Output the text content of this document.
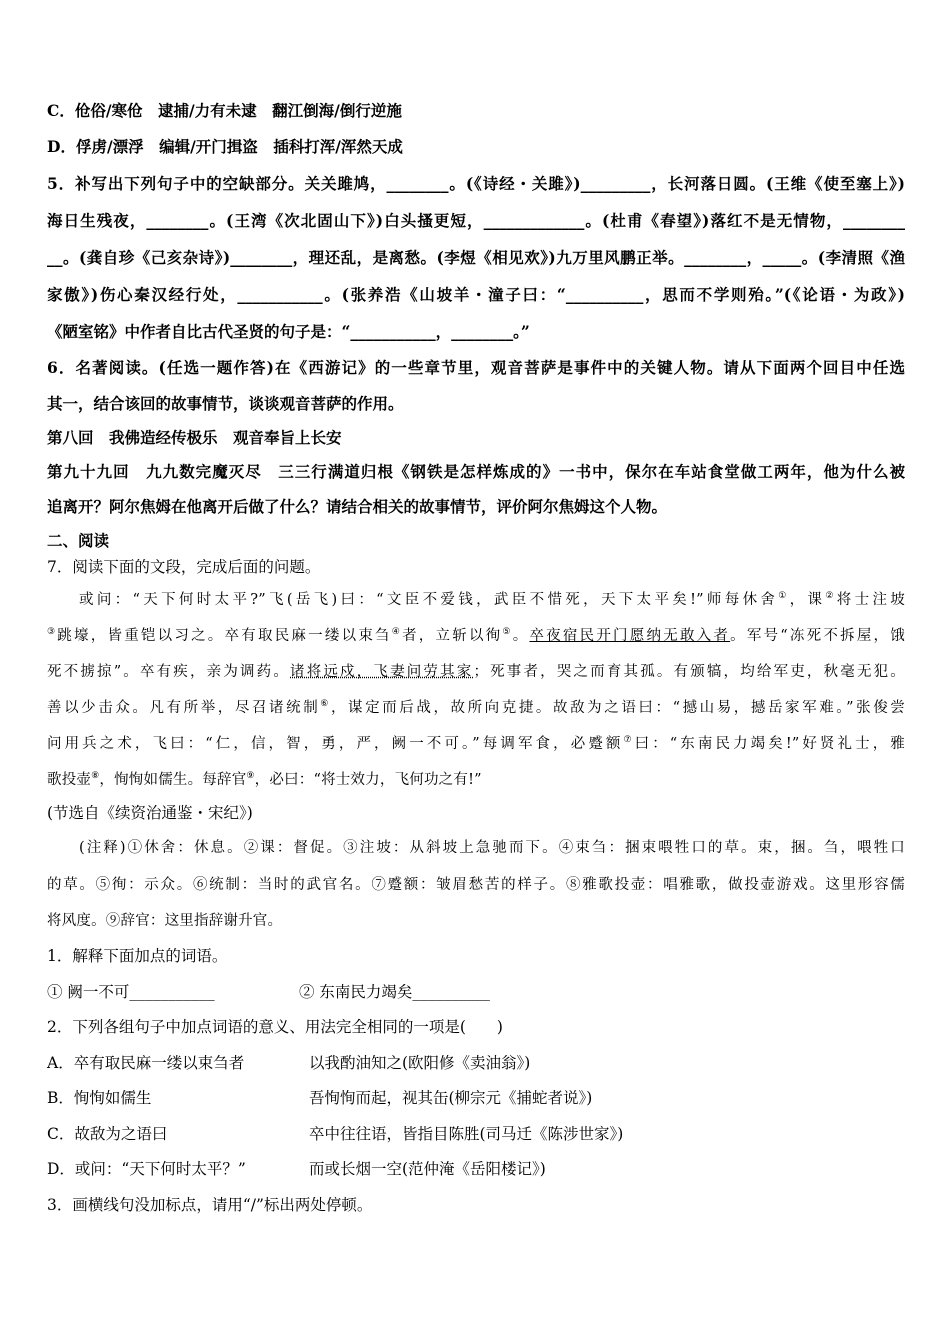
C．伧俗/寒伧　逮捕/力有未逮　翻江倒海/倒行逆施
D．俘虏/漂浮　编辑/开门揖盗　插科打浑/浑然天成
5．补写出下列句子中的空缺部分。关关雎鸠，________。(《诗经・关雎》)_________，长河落日圆。(王维《使至塞上》)
海日生残夜，________。(王湾《次北固山下》)白头搔更短，_____________。(杜甫《春望》)落红不是无情物，________
__。(龚自珍《己亥杂诗》)________，理还乱，是离愁。(李煜《相见欢》)九万里风鹏正举。________，_____。(李清照《渔
家傲》)伤心秦汉经行处，___________。(张养浩《山坡羊・潼子曰：“__________，思而不学则殆。”(《论语・为政》)
《陋室铭》中作者自比古代圣贤的句子是：“___________，________。”
6．名著阅读。(任选一题作答)在《西游记》的一些章节里，观音菩萨是事件中的关键人物。请从下面两个回目中任选
其一，结合该回的故事情节，谈谈观音菩萨的作用。
第八回　我佛造经传极乐　观音奉旨上长安
第九十九回　九九数完魔灭尽　三三行满道归根《钢铁是怎样炼成的》一书中，保尔在车站食堂做工两年，他为什么被
追离开？阿尔焦姆在他离开后做了什么？请结合相关的故事情节，评价阿尔焦姆这个人物。
二、阅读
7．阅读下面的文段，完成后面的问题。
或问：“天下何时太平?”飞(岳飞)曰：“文臣不爱钱，武臣不惜死，天下太平矣!”师每休舍①，课②将士注坡
③跳壕，皆重铠以习之。卒有取民麻一缕以束刍④者，立斩以徇⑤。卒夜宿民开门愿纳无敢入者。军号“冻死不拆屋，饿
死不掳掠”。卒有疾，亲为调药。诸将远戍，飞妻问劳其家；死事者，哭之而育其孤。有颁犒，均给军吏，秋毫无犯。
善以少击众。凡有所举，尽召诸统制⑥，谋定而后战，故所向克捷。故敌为之语曰：“撼山易，撼岳家军难。”张俊尝
问用兵之术，飞曰：“仁，信，智，勇，严，阙一不可。”每调军食，必蹙额⑦曰：“东南民力竭矣!”好贤礼士，雅
歌投壶⑧，恂恂如儒生。每辞官⑨，必曰：“将士效力，飞何功之有!”
(节选自《续资治通鉴・宋纪》)
(注释)①休舍：休息。②课：督促。③注坡：从斜坡上急驰而下。④束刍：捆束喂牲口的草。束，捆。刍，喂牲口
的草。⑤徇：示众。⑥统制：当时的武官名。⑦蹙额：皱眉愁苦的样子。⑧雅歌投壶：唱雅歌，做投壶游戏。这里形容儒
将风度。⑨辞官：这里指辞谢升官。
1．解释下面加点的词语。
① 阙一不可___________	② 东南民力竭矣__________
2．下列各组句子中加点词语的意义、用法完全相同的一项是(　　)
A．卒有取民麻一缕以束刍者	以我酌油知之(欧阳修《卖油翁》)
B．恂恂如儒生	吾恂恂而起，视其缶(柳宗元《捕蛇者说》)
C．故敌为之语曰	卒中往往语，皆指目陈胜(司马迁《陈涉世家》)
D．或问：“天下何时太平？”	而或长烟一空(范仲淹《岳阳楼记》)
3．画横线句没加标点，请用“/”标出两处停顿。
